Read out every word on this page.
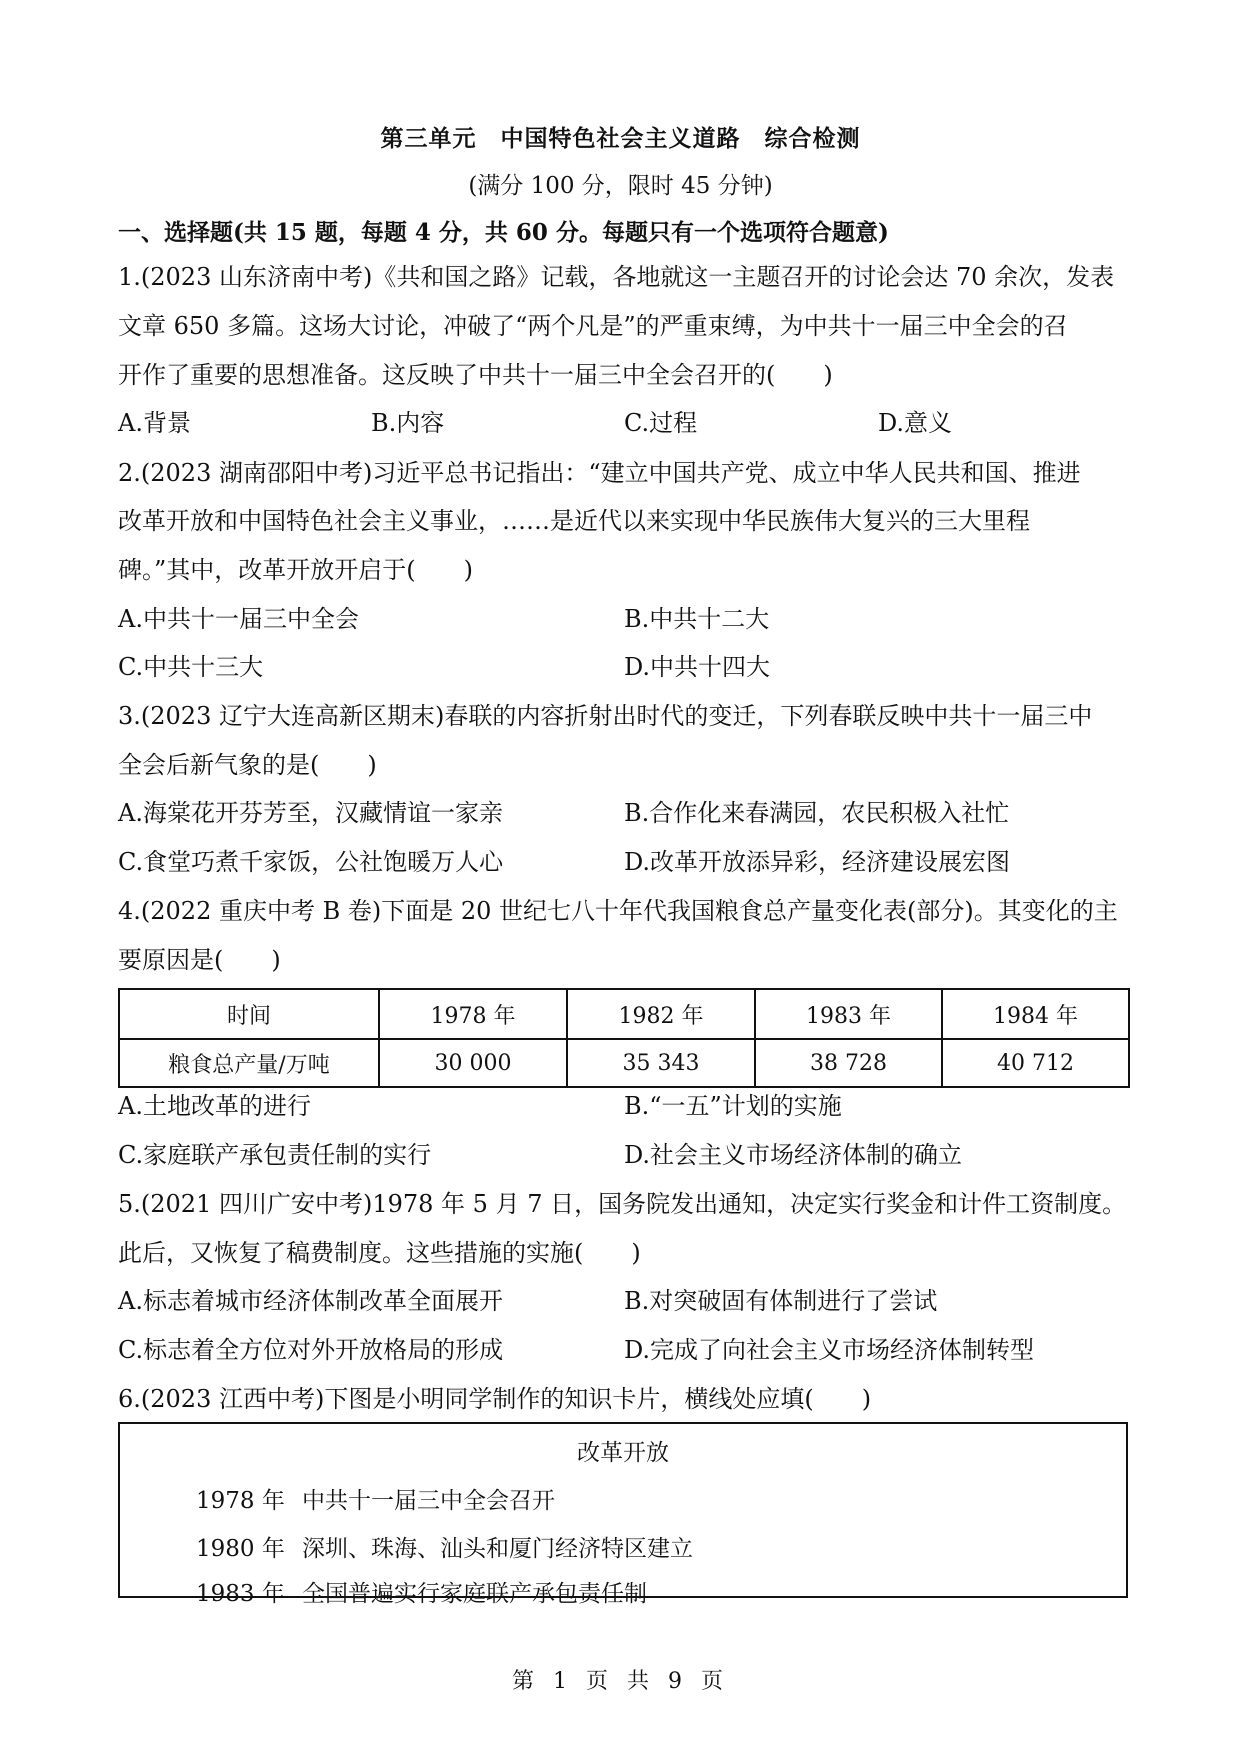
第三单元　中国特色社会主义道路　综合检测
(满分 100 分，限时 45 分钟)
一、选择题(共 15 题，每题 4 分，共 60 分。每题只有一个选项符合题意)
1.(2023 山东济南中考)《共和国之路》记载，各地就这一主题召开的讨论会达 70 余次，发表
文章 650 多篇。这场大讨论，冲破了“两个凡是”的严重束缚，为中共十一届三中全会的召
开作了重要的思想准备。这反映了中共十一届三中全会召开的(　　)
A.背景	B.内容	C.过程	D.意义
2.(2023 湖南邵阳中考)习近平总书记指出：“建立中国共产党、成立中华人民共和国、推进
改革开放和中国特色社会主义事业，……是近代以来实现中华民族伟大复兴的三大里程
碑。”其中，改革开放开启于(　　)
A.中共十一届三中全会	B.中共十二大
C.中共十三大	D.中共十四大
3.(2023 辽宁大连高新区期末)春联的内容折射出时代的变迁，下列春联反映中共十一届三中
全会后新气象的是(　　)
A.海棠花开芬芳至，汉藏情谊一家亲	B.合作化来春满园，农民积极入社忙
C.食堂巧煮千家饭，公社饱暖万人心	D.改革开放添异彩，经济建设展宏图
4.(2022 重庆中考 B 卷)下面是 20 世纪七八十年代我国粮食总产量变化表(部分)。其变化的主
要原因是(　　)
时间	1978 年	1982 年	1983 年	1984 年
粮食总产量/万吨	30 000	35 343	38 728	40 712
A.土地改革的进行	B.“一五”计划的实施
C.家庭联产承包责任制的实行	D.社会主义市场经济体制的确立
5.(2021 四川广安中考)1978 年 5 月 7 日，国务院发出通知，决定实行奖金和计件工资制度。
此后，又恢复了稿费制度。这些措施的实施(　　)
A.标志着城市经济体制改革全面展开	B.对突破固有体制进行了尝试
C.标志着全方位对外开放格局的形成	D.完成了向社会主义市场经济体制转型
6.(2023 江西中考)下图是小明同学制作的知识卡片，横线处应填(　　)
改革开放
1978 年 中共十一届三中全会召开
1980 年 深圳、珠海、汕头和厦门经济特区建立
1983 年 全国普遍实行家庭联产承包责任制
第 1 页 共 9 页
